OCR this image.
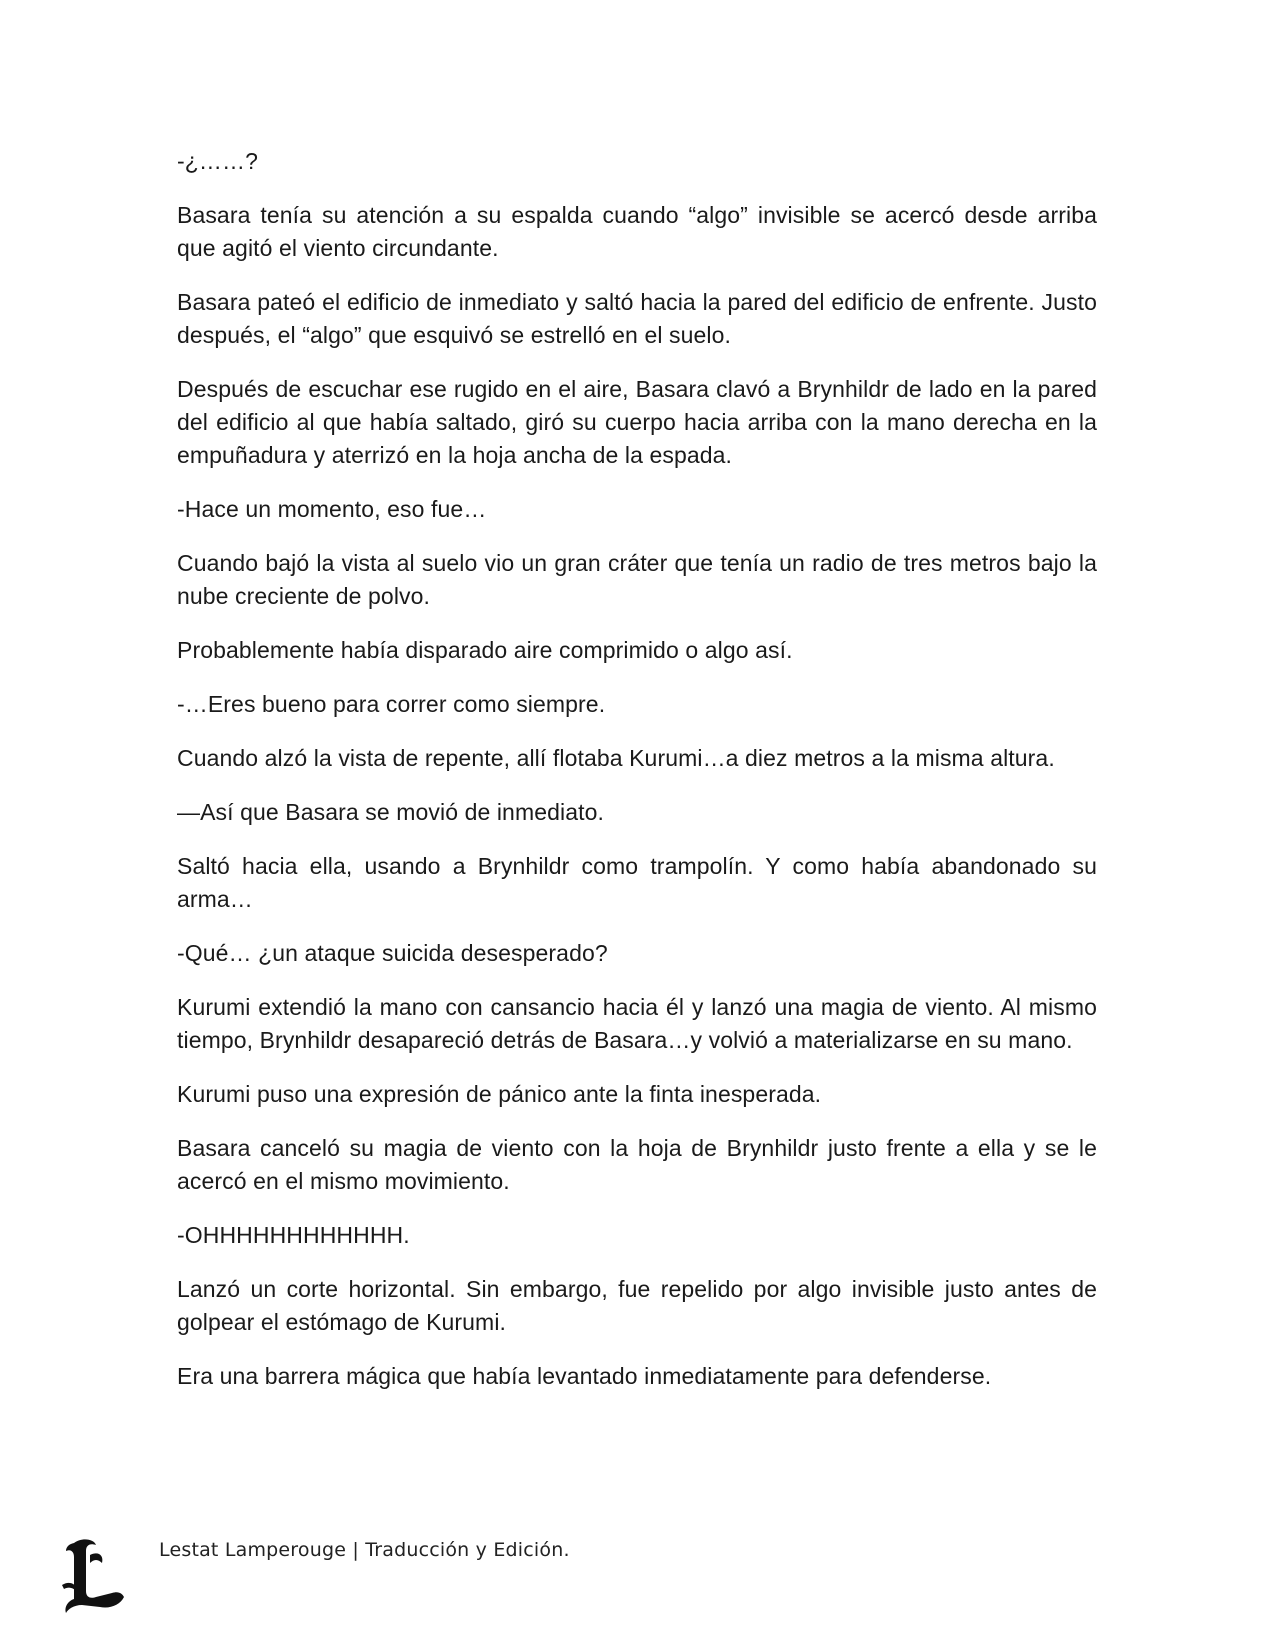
-¿……?

Basara tenía su atención a su espalda cuando “algo” invisible se acercó desde arriba que agitó el viento circundante.

Basara pateó el edificio de inmediato y saltó hacia la pared del edificio de enfrente. Justo después, el “algo” que esquivó se estrelló en el suelo.

Después de escuchar ese rugido en el aire, Basara clavó a Brynhildr de lado en la pared del edificio al que había saltado, giró su cuerpo hacia arriba con la mano derecha en la empuñadura y aterrizó en la hoja ancha de la espada.

-Hace un momento, eso fue…

Cuando bajó la vista al suelo vio un gran cráter que tenía un radio de tres metros bajo la nube creciente de polvo.

Probablemente había disparado aire comprimido o algo así.

-…Eres bueno para correr como siempre.

Cuando alzó la vista de repente, allí flotaba Kurumi…a diez metros a la misma altura.

—Así que Basara se movió de inmediato.

Saltó hacia ella, usando a Brynhildr como trampolín. Y como había abandonado su arma…

-Qué… ¿un ataque suicida desesperado?

Kurumi extendió la mano con cansancio hacia él y lanzó una magia de viento. Al mismo tiempo, Brynhildr desapareció detrás de Basara…y volvió a materializarse en su mano.

Kurumi puso una expresión de pánico ante la finta inesperada.

Basara canceló su magia de viento con la hoja de Brynhildr justo frente a ella y se le acercó en el mismo movimiento.

-OHHHHHHHHHHHH.

Lanzó un corte horizontal. Sin embargo, fue repelido por algo invisible justo antes de golpear el estómago de Kurumi.

Era una barrera mágica que había levantado inmediatamente para defenderse.

Lestat Lamperouge | Traducción y Edición.
